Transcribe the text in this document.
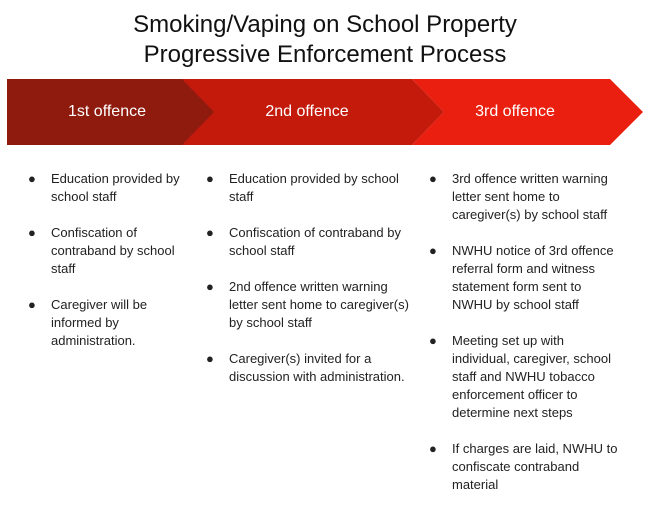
Smoking/Vaping on School Property
Progressive Enforcement Process
1st offence	2nd offence	3rd offence
● Education provided by school staff
● Confiscation of contraband by school staff
● Caregiver will be informed by administration.
● Education provided by school staff
● Confiscation of contraband by school staff
● 2nd offence written warning letter sent home to caregiver(s) by school staff
● Caregiver(s) invited for a discussion with administration.
● 3rd offence written warning letter sent home to caregiver(s) by school staff
● NWHU notice of 3rd offence referral form and witness statement form sent to NWHU by school staff
● Meeting set up with individual, caregiver, school staff and NWHU tobacco enforcement officer to determine next steps
● If charges are laid, NWHU to confiscate contraband material
